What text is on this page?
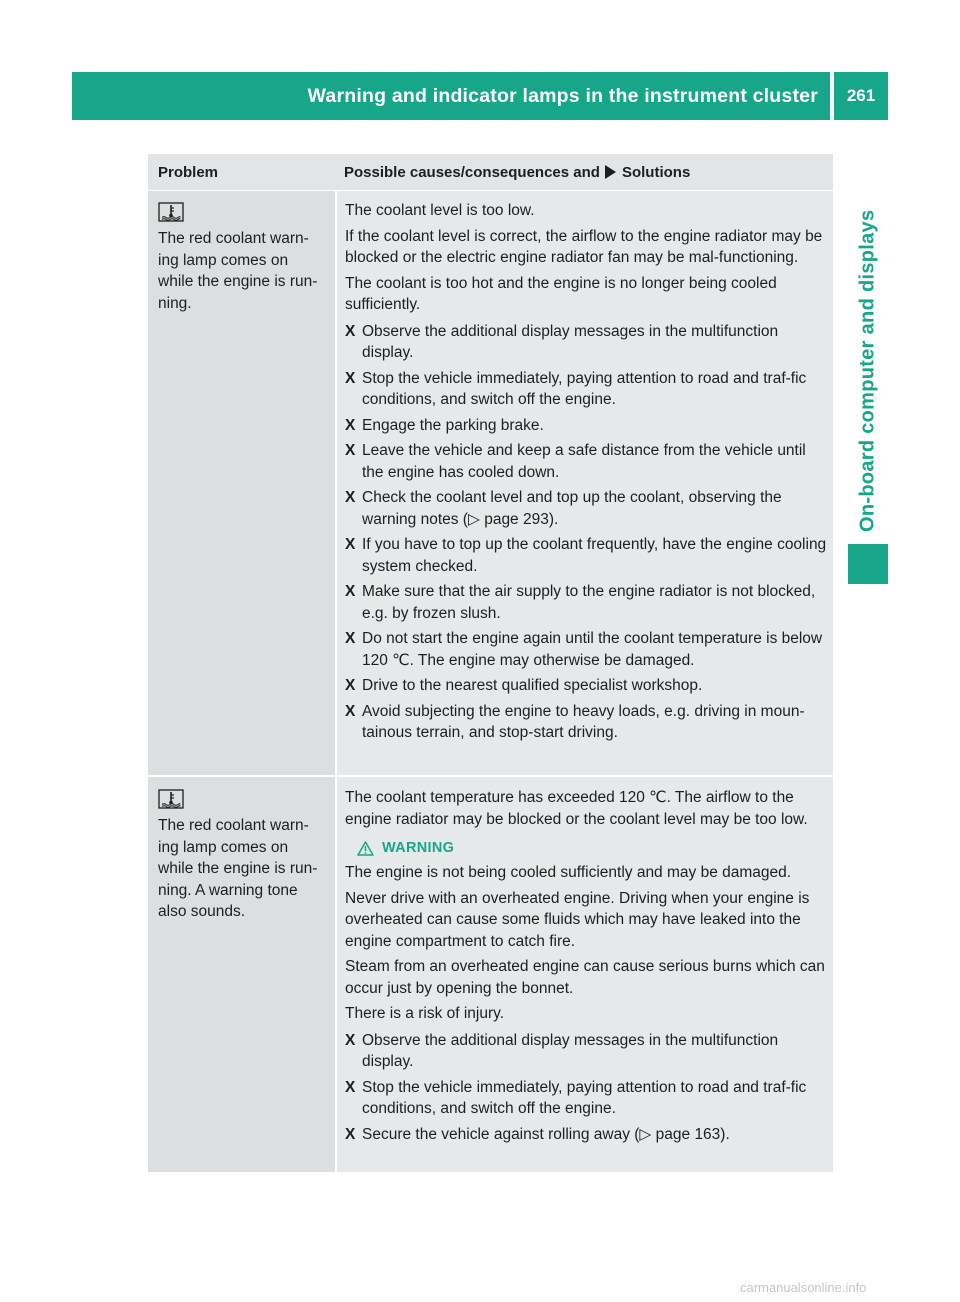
Warning and indicator lamps in the instrument cluster	261
On-board computer and displays
Problem	Possible causes/consequences and Solutions

The red coolant warn-
ing lamp comes on
while the engine is run-
ning.

The coolant level is too low.

If the coolant level is correct, the airflow to the engine radiator may be blocked or the electric engine radiator fan may be mal-functioning.

The coolant is too hot and the engine is no longer being cooled sufficiently.

X Observe the additional display messages in the multifunction display.
X Stop the vehicle immediately, paying attention to road and traf-fic conditions, and switch off the engine.
X Engage the parking brake.
X Leave the vehicle and keep a safe distance from the vehicle until the engine has cooled down.
X Check the coolant level and top up the coolant, observing the warning notes (▷ page 293).
X If you have to top up the coolant frequently, have the engine cooling system checked.
X Make sure that the air supply to the engine radiator is not blocked, e.g. by frozen slush.
X Do not start the engine again until the coolant temperature is below 120 ℃. The engine may otherwise be damaged.
X Drive to the nearest qualified specialist workshop.
X Avoid subjecting the engine to heavy loads, e.g. driving in moun-tainous terrain, and stop-start driving.

The red coolant warn-
ing lamp comes on
while the engine is run-
ning. A warning tone
also sounds.

The coolant temperature has exceeded 120 ℃. The airflow to the engine radiator may be blocked or the coolant level may be too low.

WARNING

The engine is not being cooled sufficiently and may be damaged.

Never drive with an overheated engine. Driving when your engine is overheated can cause some fluids which may have leaked into the engine compartment to catch fire.

Steam from an overheated engine can cause serious burns which can occur just by opening the bonnet.

There is a risk of injury.

X Observe the additional display messages in the multifunction display.
X Stop the vehicle immediately, paying attention to road and traf-fic conditions, and switch off the engine.
X Secure the vehicle against rolling away (▷ page 163).
carmanualsonline.info
